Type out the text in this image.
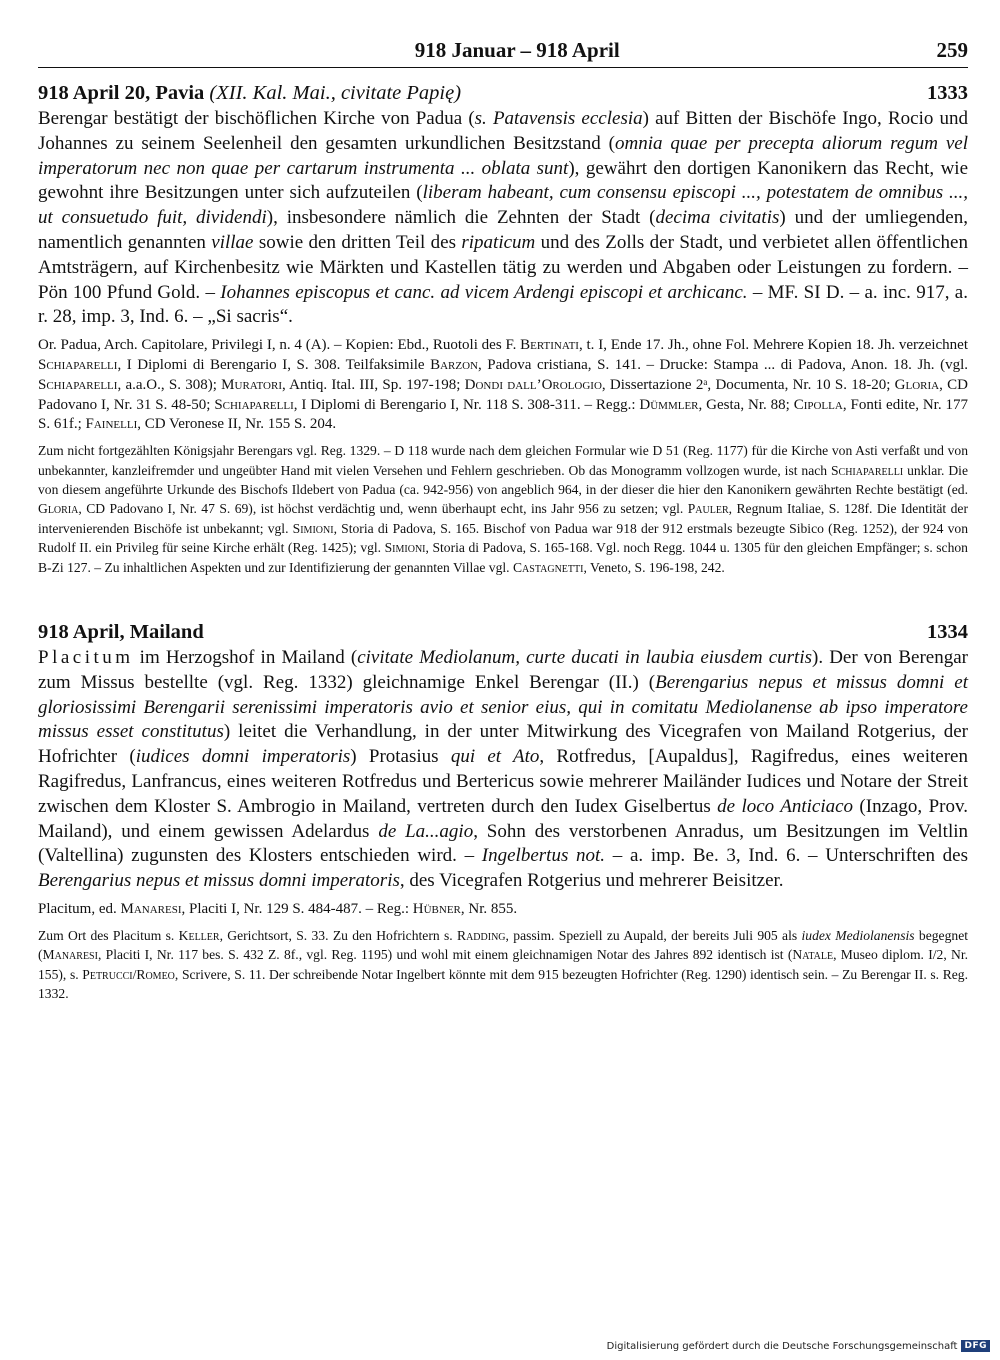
918 Januar – 918 April	259
918 April 20, Pavia (XII. Kal. Mai., civitate Papię)	1333

Berengar bestätigt der bischöflichen Kirche von Padua (s. Patavensis ecclesia) auf Bitten der Bischöfe Ingo, Rocio und Johannes zu seinem Seelenheil den gesamten urkundlichen Besitzstand (omnia quae per precepta aliorum regum vel imperatorum nec non quae per cartarum instrumenta ... oblata sunt), gewährt den dortigen Kanonikern das Recht, wie gewohnt ihre Besitzungen unter sich aufzuteilen (liberam habeant, cum consensu episcopi ..., potestatem de omnibus ..., ut consuetudo fuit, dividendi), insbesondere nämlich die Zehnten der Stadt (decima civitatis) und der umliegenden, namentlich genannten villae sowie den dritten Teil des ripaticum und des Zolls der Stadt, und verbietet allen öffentlichen Amtsträgern, auf Kirchenbesitz wie Märkten und Kastellen tätig zu werden und Abgaben oder Leistungen zu fordern. – Pön 100 Pfund Gold. – Iohannes episcopus et canc. ad vicem Ardengi episcopi et archicanc. – MF. SI D. – a. inc. 917, a. r. 28, imp. 3, Ind. 6. – „Si sacris“.

Or. Padua, Arch. Capitolare, Privilegi I, n. 4 (A). – Kopien: Ebd., Ruotoli des F. Bertinati, t. I, Ende 17. Jh., ohne Fol. Mehrere Kopien 18. Jh. verzeichnet Schiaparelli, I Diplomi di Berengario I, S. 308. Teilfaksimile Barzon, Padova cristiana, S. 141. – Drucke: Stampa ... di Padova, Anon. 18. Jh. (vgl. Schiaparelli, a.a.O., S. 308); Muratori, Antiq. Ital. III, Sp. 197-198; Dondi dall’Orologio, Dissertazione 2ᵃ, Documenta, Nr. 10 S. 18-20; Gloria, CD Padovano I, Nr. 31 S. 48-50; Schiaparelli, I Diplomi di Berengario I, Nr. 118 S. 308-311. – Regg.: Dümmler, Gesta, Nr. 88; Cipolla, Fonti edite, Nr. 177 S. 61f.; Fainelli, CD Veronese II, Nr. 155 S. 204.

Zum nicht fortgezählten Königsjahr Berengars vgl. Reg. 1329. – D 118 wurde nach dem gleichen Formular wie D 51 (Reg. 1177) für die Kirche von Asti verfaßt und von unbekannter, kanzleifremder und ungeübter Hand mit vielen Versehen und Fehlern geschrieben. Ob das Monogramm vollzogen wurde, ist nach Schiaparelli unklar. Die von diesem angeführte Urkunde des Bischofs Ildebert von Padua (ca. 942-956) von angeblich 964, in der dieser die hier den Kanonikern gewährten Rechte bestätigt (ed. Gloria, CD Padovano I, Nr. 47 S. 69), ist höchst verdächtig und, wenn überhaupt echt, ins Jahr 956 zu setzen; vgl. Pauler, Regnum Italiae, S. 128f. Die Identität der intervenierenden Bischöfe ist unbekannt; vgl. Simioni, Storia di Padova, S. 165. Bischof von Padua war 918 der 912 erstmals bezeugte Sibico (Reg. 1252), der 924 von Rudolf II. ein Privileg für seine Kirche erhält (Reg. 1425); vgl. Simioni, Storia di Padova, S. 165-168. Vgl. noch Regg. 1044 u. 1305 für den gleichen Empfänger; s. schon B-Zi 127. – Zu inhaltlichen Aspekten und zur Identifizierung der genannten Villae vgl. Castagnetti, Veneto, S. 196-198, 242.

918 April, Mailand	1334

Placitum im Herzogshof in Mailand (civitate Mediolanum, curte ducati in laubia eiusdem curtis). Der von Berengar zum Missus bestellte (vgl. Reg. 1332) gleichnamige Enkel Berengar (II.) (Berengarius nepus et missus domni et gloriosissimi Berengarii serenissimi imperatoris avio et senior eius, qui in comitatu Mediolanense ab ipso imperatore missus esset constitutus) leitet die Verhandlung, in der unter Mitwirkung des Vicegrafen von Mailand Rotgerius, der Hofrichter (iudices domni imperatoris) Protasius qui et Ato, Rotfredus, [Aupaldus], Ragifredus, eines weiteren Ragifredus, Lanfrancus, eines weiteren Rotfredus und Bertericus sowie mehrerer Mailänder Iudices und Notare der Streit zwischen dem Kloster S. Ambrogio in Mailand, vertreten durch den Iudex Giselbertus de loco Anticiaco (Inzago, Prov. Mailand), und einem gewissen Adelardus de La...agio, Sohn des verstorbenen Anradus, um Besitzungen im Veltlin (Valtellina) zugunsten des Klosters entschieden wird. – Ingelbertus not. – a. imp. Be. 3, Ind. 6. – Unterschriften des Berengarius nepus et missus domni imperatoris, des Vicegrafen Rotgerius und mehrerer Beisitzer.

Placitum, ed. Manaresi, Placiti I, Nr. 129 S. 484-487. – Reg.: Hübner, Nr. 855.

Zum Ort des Placitum s. Keller, Gerichtsort, S. 33. Zu den Hofrichtern s. Radding, passim. Speziell zu Aupald, der bereits Juli 905 als iudex Mediolanensis begegnet (Manaresi, Placiti I, Nr. 117 bes. S. 432 Z. 8f., vgl. Reg. 1195) und wohl mit einem gleichnamigen Notar des Jahres 892 identisch ist (Natale, Museo diplom. I/2, Nr. 155), s. Petrucci/Romeo, Scrivere, S. 11. Der schreibende Notar Ingelbert könnte mit dem 915 bezeugten Hofrichter (Reg. 1290) identisch sein. – Zu Berengar II. s. Reg. 1332.

Digitalisierung gefördert durch die Deutsche Forschungsgemeinschaft DFG
